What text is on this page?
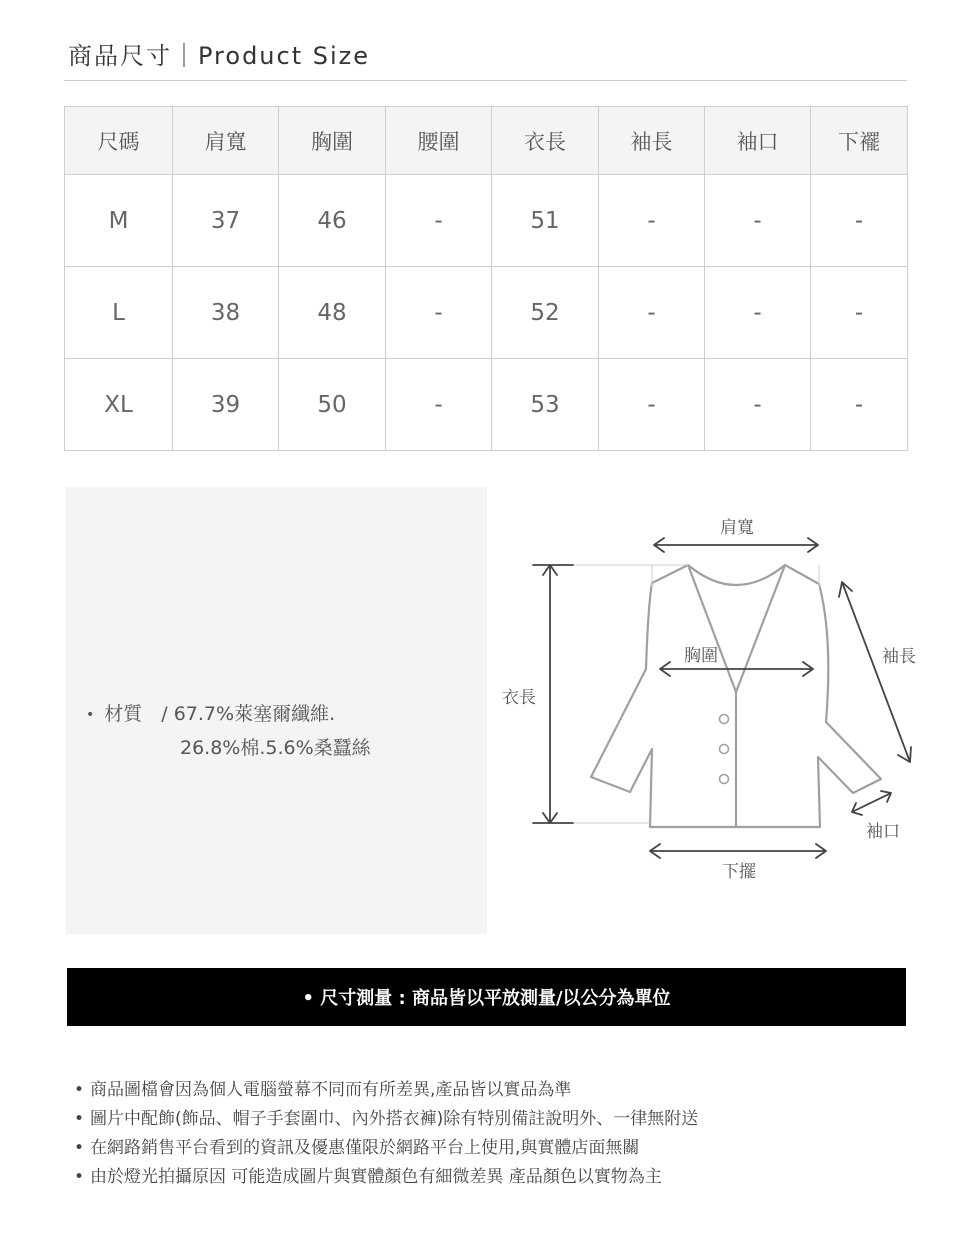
商品尺寸｜Product Size
尺碼	肩寬	胸圍	腰圍	衣長	袖長	袖口	下襬
M	37	46	-	51	-	-	-
L	38	48	-	52	-	-	-
XL	39	50	-	53	-	-	-
• 材質　/ 67.7%萊塞爾纖維.
26.8%棉.5.6%桑蠶絲
肩寬
胸圍
衣長
袖長
袖口
下擺
• 尺寸測量 : 商品皆以平放測量/以公分為單位
• 商品圖檔會因為個人電腦螢幕不同而有所差異,產品皆以實品為準
• 圖片中配飾(飾品、帽子手套圍巾、內外搭衣褲)除有特別備註說明外、一律無附送
• 在網路銷售平台看到的資訊及優惠僅限於網路平台上使用,與實體店面無關
• 由於燈光拍攝原因 可能造成圖片與實體顏色有細微差異 產品顏色以實物為主
